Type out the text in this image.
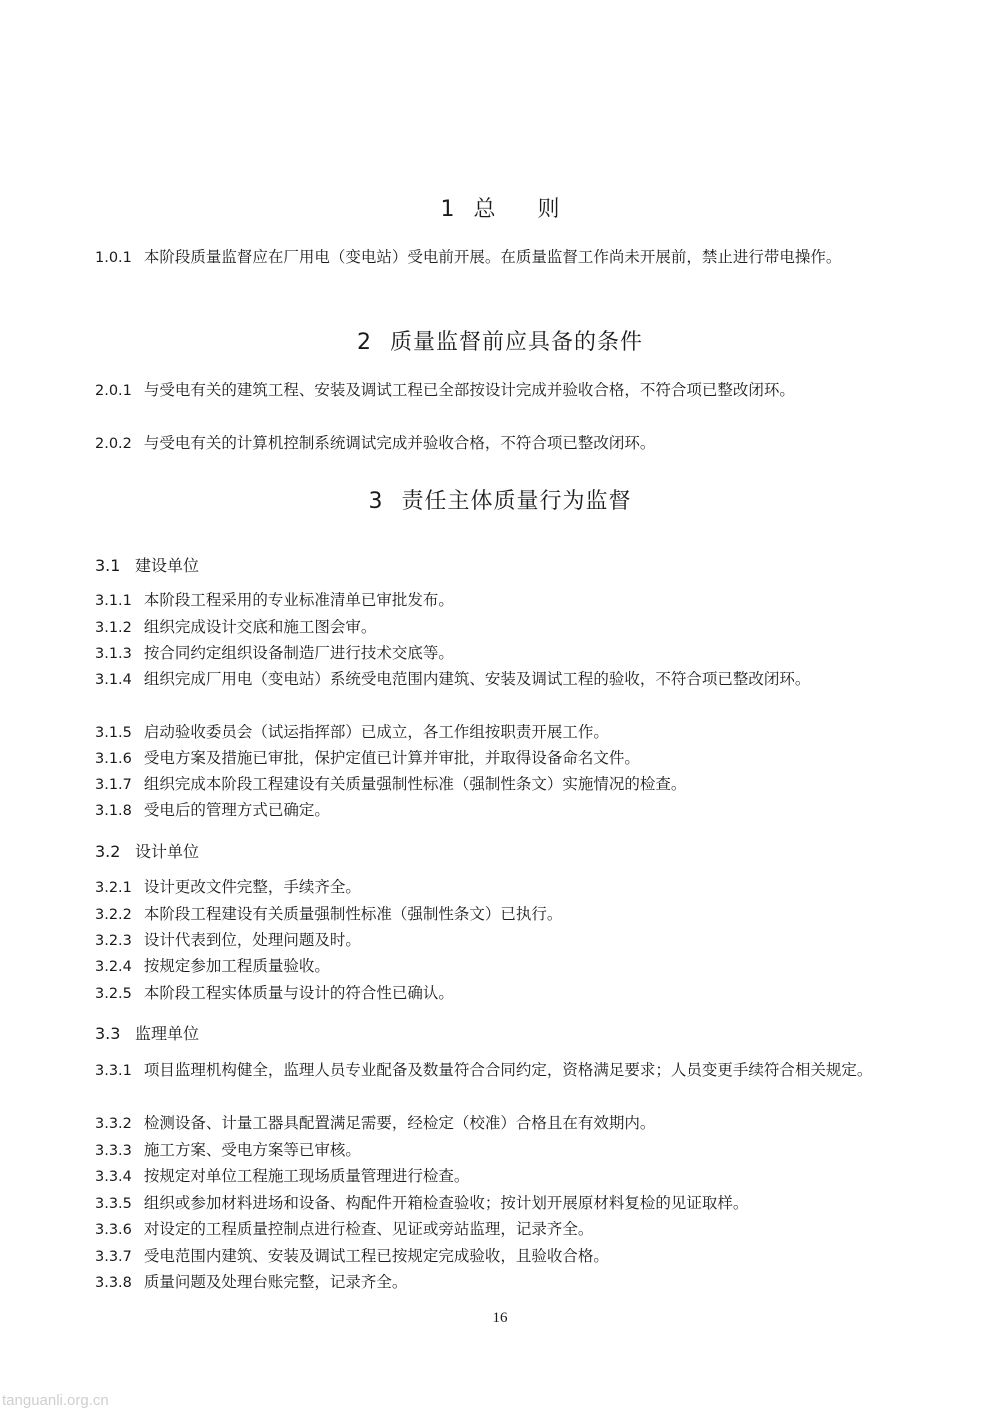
1 总则
1.0.1 本阶段质量监督应在厂用电（变电站）受电前开展。在质量监督工作尚未开展前，禁止进行带电操作。
2 质量监督前应具备的条件
2.0.1 与受电有关的建筑工程、安装及调试工程已全部按设计完成并验收合格，不符合项已整改闭环。
2.0.2 与受电有关的计算机控制系统调试完成并验收合格，不符合项已整改闭环。
3 责任主体质量行为监督
3.1 建设单位
3.1.1 本阶段工程采用的专业标准清单已审批发布。
3.1.2 组织完成设计交底和施工图会审。
3.1.3 按合同约定组织设备制造厂进行技术交底等。
3.1.4 组织完成厂用电（变电站）系统受电范围内建筑、安装及调试工程的验收，不符合项已整改闭环。
3.1.5 启动验收委员会（试运指挥部）已成立，各工作组按职责开展工作。
3.1.6 受电方案及措施已审批，保护定值已计算并审批，并取得设备命名文件。
3.1.7 组织完成本阶段工程建设有关质量强制性标准（强制性条文）实施情况的检查。
3.1.8 受电后的管理方式已确定。
3.2 设计单位
3.2.1 设计更改文件完整，手续齐全。
3.2.2 本阶段工程建设有关质量强制性标准（强制性条文）已执行。
3.2.3 设计代表到位，处理问题及时。
3.2.4 按规定参加工程质量验收。
3.2.5 本阶段工程实体质量与设计的符合性已确认。
3.3 监理单位
3.3.1 项目监理机构健全，监理人员专业配备及数量符合合同约定，资格满足要求；人员变更手续符合相关规定。
3.3.2 检测设备、计量工器具配置满足需要，经检定（校准）合格且在有效期内。
3.3.3 施工方案、受电方案等已审核。
3.3.4 按规定对单位工程施工现场质量管理进行检查。
3.3.5 组织或参加材料进场和设备、构配件开箱检查验收；按计划开展原材料复检的见证取样。
3.3.6 对设定的工程质量控制点进行检查、见证或旁站监理，记录齐全。
3.3.7 受电范围内建筑、安装及调试工程已按规定完成验收，且验收合格。
3.3.8 质量问题及处理台账完整，记录齐全。
16
tanguanli.org.cn
